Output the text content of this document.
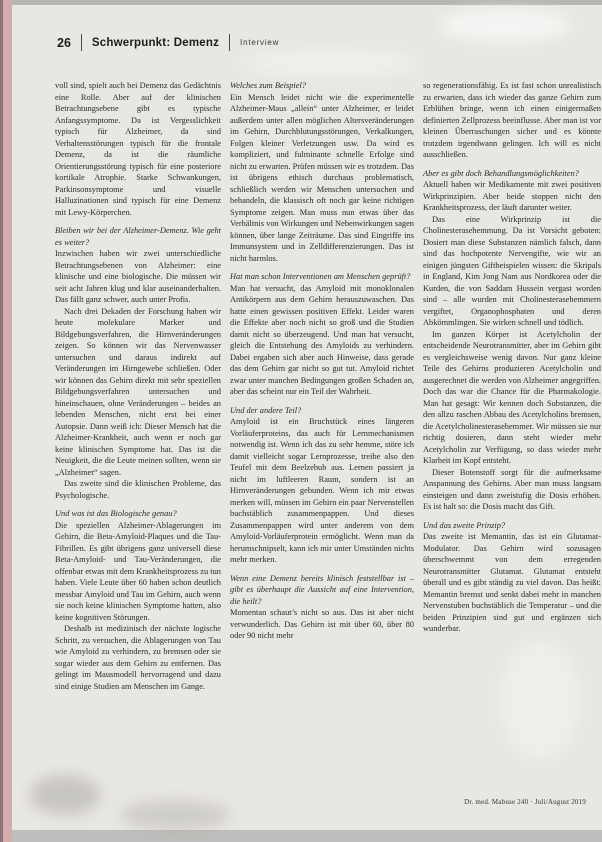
26 Schwerpunkt: Demenz	Interview
voll sind, spielt auch bei Demenz das Gedächtnis eine Rolle. Aber auf der klinischen Betrachtungsebene gibt es typische Anfangssymptome. Da ist Vergesslichkeit typisch für Alzheimer, da sind Verhaltensstörungen typisch für die frontale Demenz, da ist die räumliche Orientierungsstörung typisch für eine posteriore kortikale Atrophie. Starke Schwankungen, Parkinsonsymptome und visuelle Halluzinationen sind typisch für eine Demenz mit Lewy-Körperchen.
Bleiben wir bei der Alzheimer-Demenz. Wie geht es weiter?
Inzwischen haben wir zwei unterschiedliche Betrachtungsebenen von Alzheimer: eine klinische und eine biologische. Die müssen wir seit acht Jahren klug und klar auseinanderhalten. Das fällt ganz schwer, auch unter Profis.
Nach drei Dekaden der Forschung haben wir heute molekulare Marker und Bildgebungsverfahren, die Hirnveränderungen zeigen. So können wir das Nervenwasser untersuchen und daraus indirekt auf Veränderungen im Hirngewebe schließen. Oder wir können das Gehirn direkt mit sehr speziellen Bildgebungsverfahren untersuchen und hineinschauen, ohne Veränderungen – beides an lebenden Menschen, nicht erst bei einer Autopsie. Dann weiß ich: Dieser Mensch hat die Alzheimer-Krankheit, auch wenn er noch gar keine klinischen Symptome hat. Das ist die Neuigkeit, die die Leute meinen sollten, wenn sie „Alzheimer“ sagen.
Das zweite sind die klinischen Probleme, das Psychologische.
Und was ist das Biologische genau?
Die speziellen Alzheimer-Ablagerungen im Gehirn, die Beta-Amyloid-Plaques und die Tau-Fibrillen. Es gibt übrigens ganz universell diese Beta-Amyloid- und Tau-Veränderungen, die offenbar etwas mit dem Krankheitsprozess zu tun haben. Viele Leute über 60 haben schon deutlich messbar Amyloid und Tau im Gehirn, auch wenn sie noch keine klinischen Symptome hatten, also keine kognitiven Störungen.
Deshalb ist medizinisch der nächste logische Schritt, zu versuchen, die Ablagerungen von Tau wie Amyloid zu verhindern, zu bremsen oder sie sogar wieder aus dem Gehirn zu entfernen. Das gelingt im Mausmodell hervorragend und dazu sind einige Studien am Menschen im Gange.
Welches zum Beispiel?
Ein Mensch leidet nicht wie die experimentelle Alzheimer-Maus „allein“ unter Alzheimer, er leidet außerdem unter allen möglichen Altersveränderungen im Gehirn, Durchblutungsstörungen, Verkalkungen, Folgen kleiner Verletzungen usw. Da wird es kompliziert, und fulminante schnelle Erfolge sind nicht zu erwarten. Prüfen müssen wir es trotzdem. Das ist übrigens ethisch durchaus problematisch, schließlich werden wir Menschen untersuchen und behandeln, die klassisch oft noch gar keine richtigen Symptome zeigen. Man muss nun etwas über das Verhältnis von Wirkungen und Nebenwirkungen sagen können, über lange Zeiträume. Das sind Eingriffe ins Immunsystem und in Zelldifferenzierungen. Das ist nicht harmlos.
Hat man schon Interventionen am Menschen geprüft?
Man hat versucht, das Amyloid mit monoklonalen Antikörpern aus dem Gehirn herauszuwaschen. Das hatte einen gewissen positiven Effekt. Leider waren die Effekte aber noch nicht so groß und die Studien damit nicht so überzeugend. Und man hat versucht, gleich die Entstehung des Amyloids zu verhindern. Dabei ergaben sich aber auch Hinweise, dass gerade das dem Gehirn gar nicht so gut tut. Amyloid richtet zwar unter manchen Bedingungen großen Schaden an, aber das scheint nur ein Teil der Wahrheit.
Und der andere Teil?
Amyloid ist ein Bruchstück eines längeren Vorläuferproteins, das auch für Lernmechanismen notwendig ist. Wenn ich das zu sehr hemme, störe ich damit vielleicht sogar Lernprozesse, treibe also den Teufel mit dem Beelzebub aus. Lernen passiert ja nicht im luftleeren Raum, sondern ist an Hirnveränderungen gebunden. Wenn ich mir etwas merken will, müssen im Gehirn ein paar Nervenstellen buchstäblich zusammenpappen. Und dieses Zusammenpappen wird unter anderem von dem Amyloid-Vorläuferprotein ermöglicht. Wenn man da herumschnipselt, kann ich mir unter Umständen nichts mehr merken.
Wenn eine Demenz bereits klinisch feststellbar ist – gibt es überhaupt die Aussicht auf eine Intervention, die heilt?
Momentan schaut’s nicht so aus. Das ist aber nicht verwunderlich. Das Gehirn ist mit über 60, über 80 oder 90 nicht mehr
so regenerationsfähig. Es ist fast schon unrealistisch zu erwarten, dass ich wieder das ganze Gehirn zum Erblühen bringe, wenn ich einen einigermaßen definierten Zellprozess beeinflusse. Aber man ist vor kleinen Überraschungen sicher und es könnte trotzdem irgendwann gelingen. Ich will es nicht ausschließen.
Aber es gibt doch Behandlungsmöglichkeiten?
Aktuell haben wir Medikamente mit zwei positiven Wirkprinzipien. Aber beide stoppen nicht den Krankheitsprozess, der läuft darunter weiter.
Das eine Wirkprinzip ist die Cholinesterasehemmung. Da ist Vorsicht geboten: Dosiert man diese Substanzen nämlich falsch, dann sind das hochpotente Nervengifte, wie wir an einigen jüngsten Giftbeispielen wissen: die Skripals in England, Kim Jong Nam aus Nordkorea oder die Kurden, die von Saddam Hussein vergast worden sind – alle wurden mit Cholinesterasehemmern vergiftet, Organophosphaten und deren Abkömmlingen. Sie wirken schnell und tödlich.
Im ganzen Körper ist Acetylcholin der entscheidende Neurotransmitter, aber im Gehirn gibt es vergleichsweise wenig davon. Nur ganz kleine Teile des Gehirns produzieren Acetylcholin und ausgerechnet die werden von Alzheimer angegriffen. Doch das war die Chance für die Pharmakologie. Man hat gesagt: Wir kennen doch Substanzen, die den allzu raschen Abbau des Acetylcholins bremsen, die Acetylcholinesterasehemmer. Wir müssen sie nur richtig dosieren, dann steht wieder mehr Acetylcholin zur Verfügung, so dass wieder mehr Klarheit im Kopf entsteht.
Dieser Botenstoff sorgt für die aufmerksame Anspannung des Gehirns. Aber man muss langsam einsteigen und dann zweistufig die Dosis erhöhen. Es ist halt so: die Dosis macht das Gift.
Und das zweite Prinzip?
Das zweite ist Memantin, das ist ein Glutamat-Modulator. Das Gehirn wird sozusagen überschwemmt von dem erregenden Neurotransmitter Glutamat. Glutamat entsteht überall und es gibt ständig zu viel davon. Das heißt: Memantin bremst und senkt dabei mehr in manchen Nervenstuben buchstäblich die Temperatur – und die beiden Prinzipien sind gut und ergänzen sich wunderbar.
Dr. med. Mabuse 240 · Juli/August 2019
